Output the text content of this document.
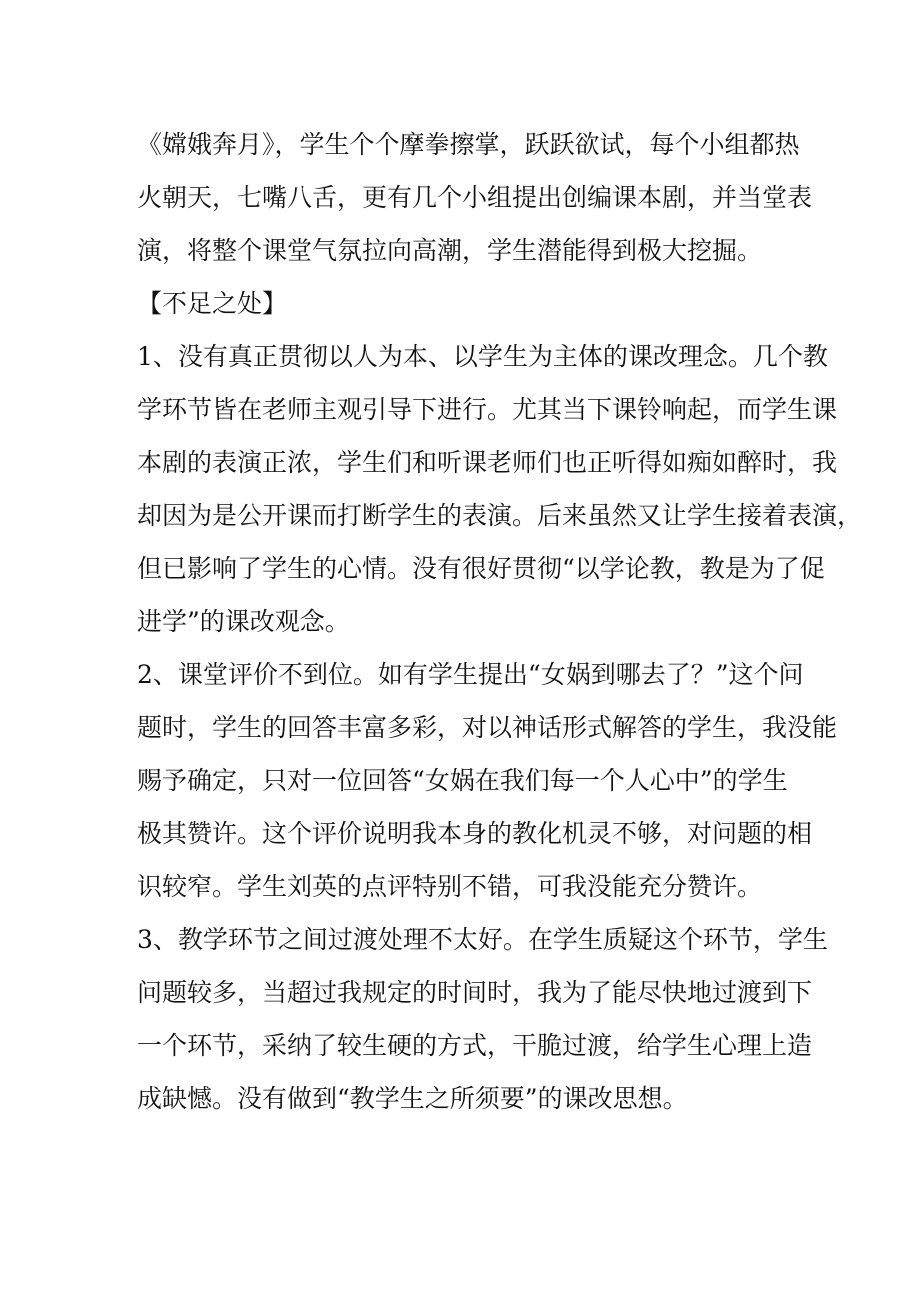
《嫦娥奔月》，学生个个摩拳擦掌，跃跃欲试，每个小组都热
火朝天，七嘴八舌，更有几个小组提出创编课本剧，并当堂表
演，将整个课堂气氛拉向高潮，学生潜能得到极大挖掘。
【不足之处】
1、没有真正贯彻以人为本、以学生为主体的课改理念。几个教
学环节皆在老师主观引导下进行。尤其当下课铃响起，而学生课
本剧的表演正浓，学生们和听课老师们也正听得如痴如醉时，我
却因为是公开课而打断学生的表演。后来虽然又让学生接着表演，
但已影响了学生的心情。没有很好贯彻“以学论教，教是为了促
进学”的课改观念。
2、课堂评价不到位。如有学生提出“女娲到哪去了？”这个问
题时，学生的回答丰富多彩，对以神话形式解答的学生，我没能
赐予确定，只对一位回答“女娲在我们每一个人心中”的学生
极其赞许。这个评价说明我本身的教化机灵不够，对问题的相
识较窄。学生刘英的点评特别不错，可我没能充分赞许。
3、教学环节之间过渡处理不太好。在学生质疑这个环节，学生
问题较多，当超过我规定的时间时，我为了能尽快地过渡到下
一个环节，采纳了较生硬的方式，干脆过渡，给学生心理上造
成缺憾。没有做到“教学生之所须要”的课改思想。
